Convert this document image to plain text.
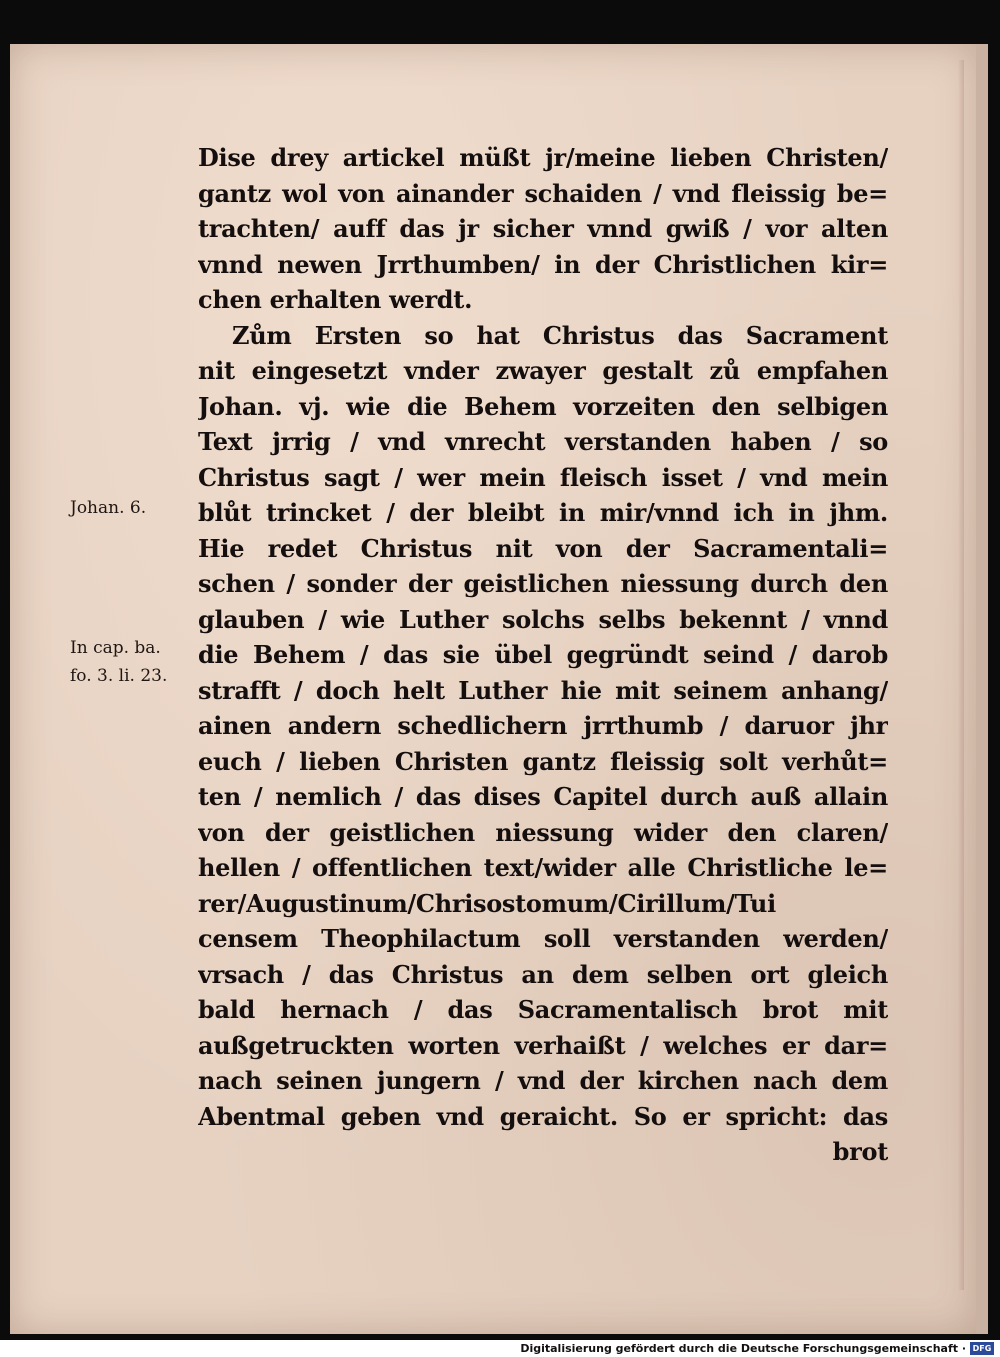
Johan. 6.
In cap. ba.
fo. 3. li. 23.
Dise drey artickel müßt jr/meine lieben Christen/
gantz wol von ainander schaiden / vnd fleissig be=
trachten/ auff das jr sicher vnnd gwiß / vor alten
vnnd newen Jrrthumben/ in der Christlichen kir=
chen erhalten werdt.
Zům Ersten so hat Christus das Sacrament
nit eingesetzt vnder zwayer gestalt zů empfahen
Johan. vj. wie die Behem vorzeiten den selbigen
Text jrrig / vnd vnrecht verstanden haben / so
Christus sagt / wer mein fleisch isset / vnd mein
blůt trincket / der bleibt in mir/vnnd ich in jhm.
Hie redet Christus nit von der Sacramentali=
schen / sonder der geistlichen niessung durch den
glauben / wie Luther solchs selbs bekennt / vnnd
die Behem / das sie übel gegründt seind / darob
strafft / doch helt Luther hie mit seinem anhang/
ainen andern schedlichern jrrthumb / daruor jhr
euch / lieben Christen gantz fleissig solt verhůt=
ten / nemlich / das dises Capitel durch auß allain
von der geistlichen niessung wider den claren/
hellen / offentlichen text/wider alle Christliche le=
rer/Augustinum/Chrisostomum/Cirillum/Tui
censem Theophilactum soll verstanden werden/
vrsach / das Christus an dem selben ort gleich
bald hernach / das Sacramentalisch brot mit
außgetruckten worten verhaißt / welches er dar=
nach seinen jungern / vnd der kirchen nach dem
Abentmal geben vnd geraicht. So er spricht: das
brot
Digitalisierung gefördert durch die Deutsche Forschungsgemeinschaft · DFG
